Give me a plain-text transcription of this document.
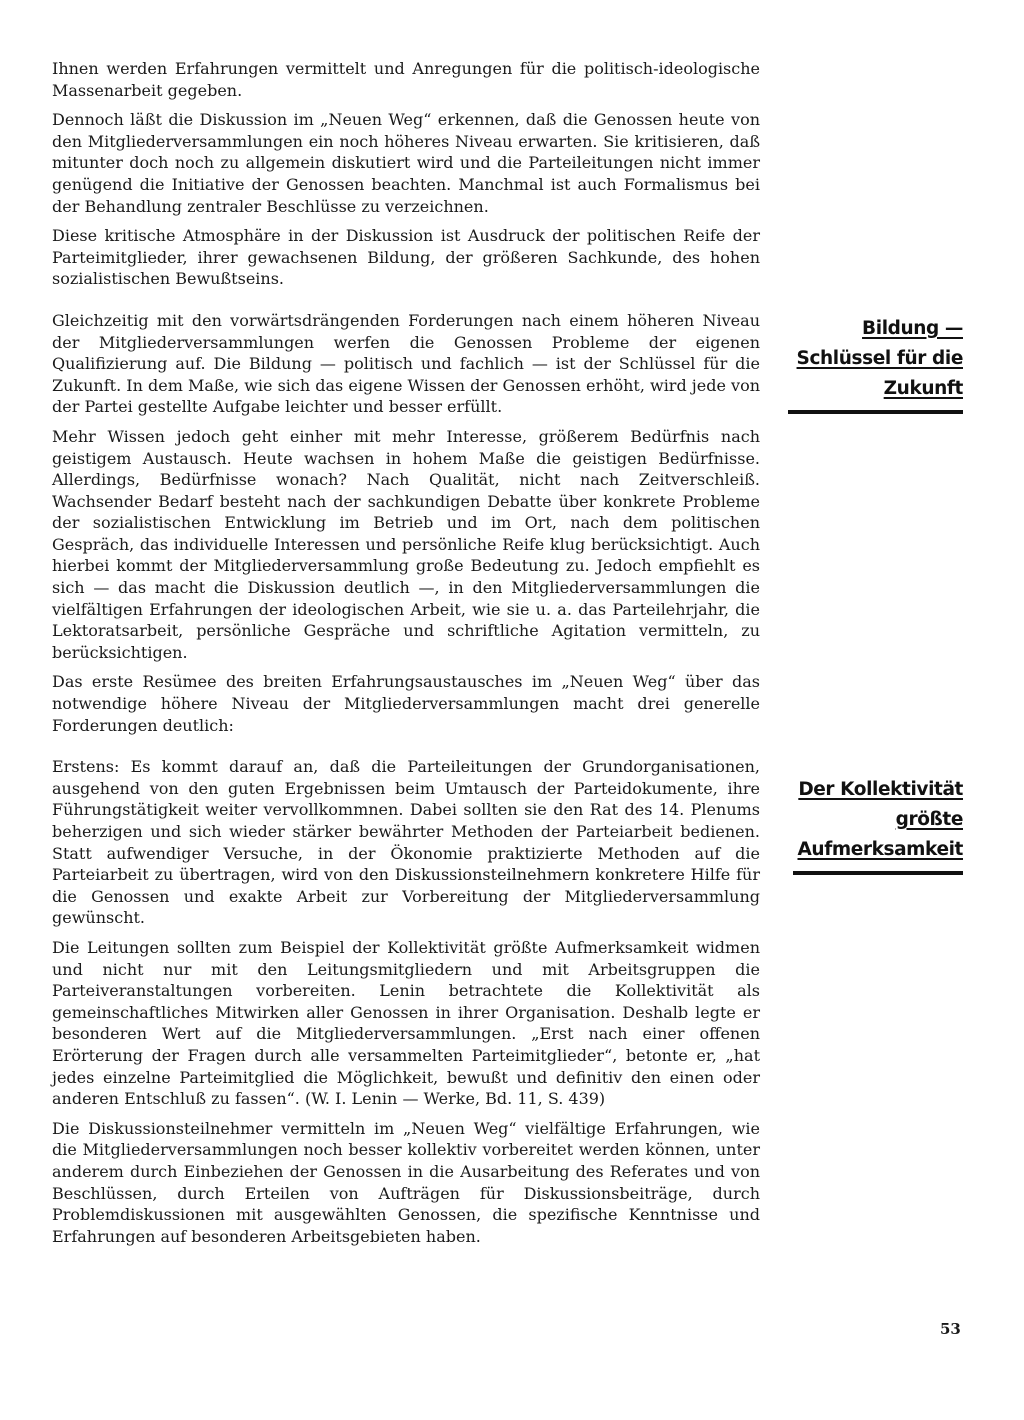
Ihnen werden Erfahrungen vermittelt und Anregungen für die politisch-ideologische Massenarbeit gegeben.

Dennoch läßt die Diskussion im „Neuen Weg“ erkennen, daß die Genossen heute von den Mitgliederversammlungen ein noch höheres Niveau erwarten. Sie kritisieren, daß mitunter doch noch zu allgemein diskutiert wird und die Parteileitungen nicht immer genügend die Initiative der Genossen beachten. Manchmal ist auch Formalismus bei der Behandlung zentraler Beschlüsse zu verzeichnen.

Diese kritische Atmosphäre in der Diskussion ist Ausdruck der politischen Reife der Parteimitglieder, ihrer gewachsenen Bildung, der größeren Sachkunde, des hohen sozialistischen Bewußtseins.

Gleichzeitig mit den vorwärtsdrängenden Forderungen nach einem höheren Niveau der Mitgliederversammlungen werfen die Genossen Probleme der eigenen Qualifizierung auf. Die Bildung — politisch und fachlich — ist der Schlüssel für die Zukunft. In dem Maße, wie sich das eigene Wissen der Genossen erhöht, wird jede von der Partei gestellte Aufgabe leichter und besser erfüllt.

Mehr Wissen jedoch geht einher mit mehr Interesse, größerem Bedürfnis nach geistigem Austausch. Heute wachsen in hohem Maße die geistigen Bedürfnisse. Allerdings, Bedürfnisse wonach? Nach Qualität, nicht nach Zeitverschleiß. Wachsender Bedarf besteht nach der sachkundigen Debatte über konkrete Probleme der sozialistischen Entwicklung im Betrieb und im Ort, nach dem politischen Gespräch, das individuelle Interessen und persönliche Reife klug berücksichtigt. Auch hierbei kommt der Mitgliederversammlung große Bedeutung zu. Jedoch empfiehlt es sich — das macht die Diskussion deutlich —, in den Mitgliederversammlungen die vielfältigen Erfahrungen der ideologischen Arbeit, wie sie u. a. das Parteilehrjahr, die Lektoratsarbeit, persönliche Gespräche und schriftliche Agitation vermitteln, zu berücksichtigen.

Das erste Resümee des breiten Erfahrungsaustausches im „Neuen Weg“ über das notwendige höhere Niveau der Mitgliederversammlungen macht drei generelle Forderungen deutlich:

Erstens: Es kommt darauf an, daß die Parteileitungen der Grundorganisationen, ausgehend von den guten Ergebnissen beim Umtausch der Parteidokumente, ihre Führungstätigkeit weiter vervollkommnen. Dabei sollten sie den Rat des 14. Plenums beherzigen und sich wieder stärker bewährter Methoden der Parteiarbeit bedienen. Statt aufwendiger Versuche, in der Ökonomie praktizierte Methoden auf die Parteiarbeit zu übertragen, wird von den Diskussionsteilnehmern konkretere Hilfe für die Genossen und exakte Arbeit zur Vorbereitung der Mitgliederversammlung gewünscht.

Die Leitungen sollten zum Beispiel der Kollektivität größte Aufmerksamkeit widmen und nicht nur mit den Leitungsmitgliedern und mit Arbeitsgruppen die Parteiveranstaltungen vorbereiten. Lenin betrachtete die Kollektivität als gemeinschaftliches Mitwirken aller Genossen in ihrer Organisation. Deshalb legte er besonderen Wert auf die Mitgliederversammlungen. „Erst nach einer offenen Erörterung der Fragen durch alle versammelten Parteimitglieder“, betonte er, „hat jedes einzelne Parteimitglied die Möglichkeit, bewußt und definitiv den einen oder anderen Entschluß zu fassen“. (W. I. Lenin — Werke, Bd. 11, S. 439)

Die Diskussionsteilnehmer vermitteln im „Neuen Weg“ vielfältige Erfahrungen, wie die Mitgliederversammlungen noch besser kollektiv vorbereitet werden können, unter anderem durch Einbeziehen der Genossen in die Ausarbeitung des Referates und von Beschlüssen, durch Erteilen von Aufträgen für Diskussionsbeiträge, durch Problemdiskussionen mit ausgewählten Genossen, die spezifische Kenntnisse und Erfahrungen auf besonderen Arbeitsgebieten haben.

Bildung —
Schlüssel für die
Zukunft
Der Kollektivität
größte
Aufmerksamkeit
53
